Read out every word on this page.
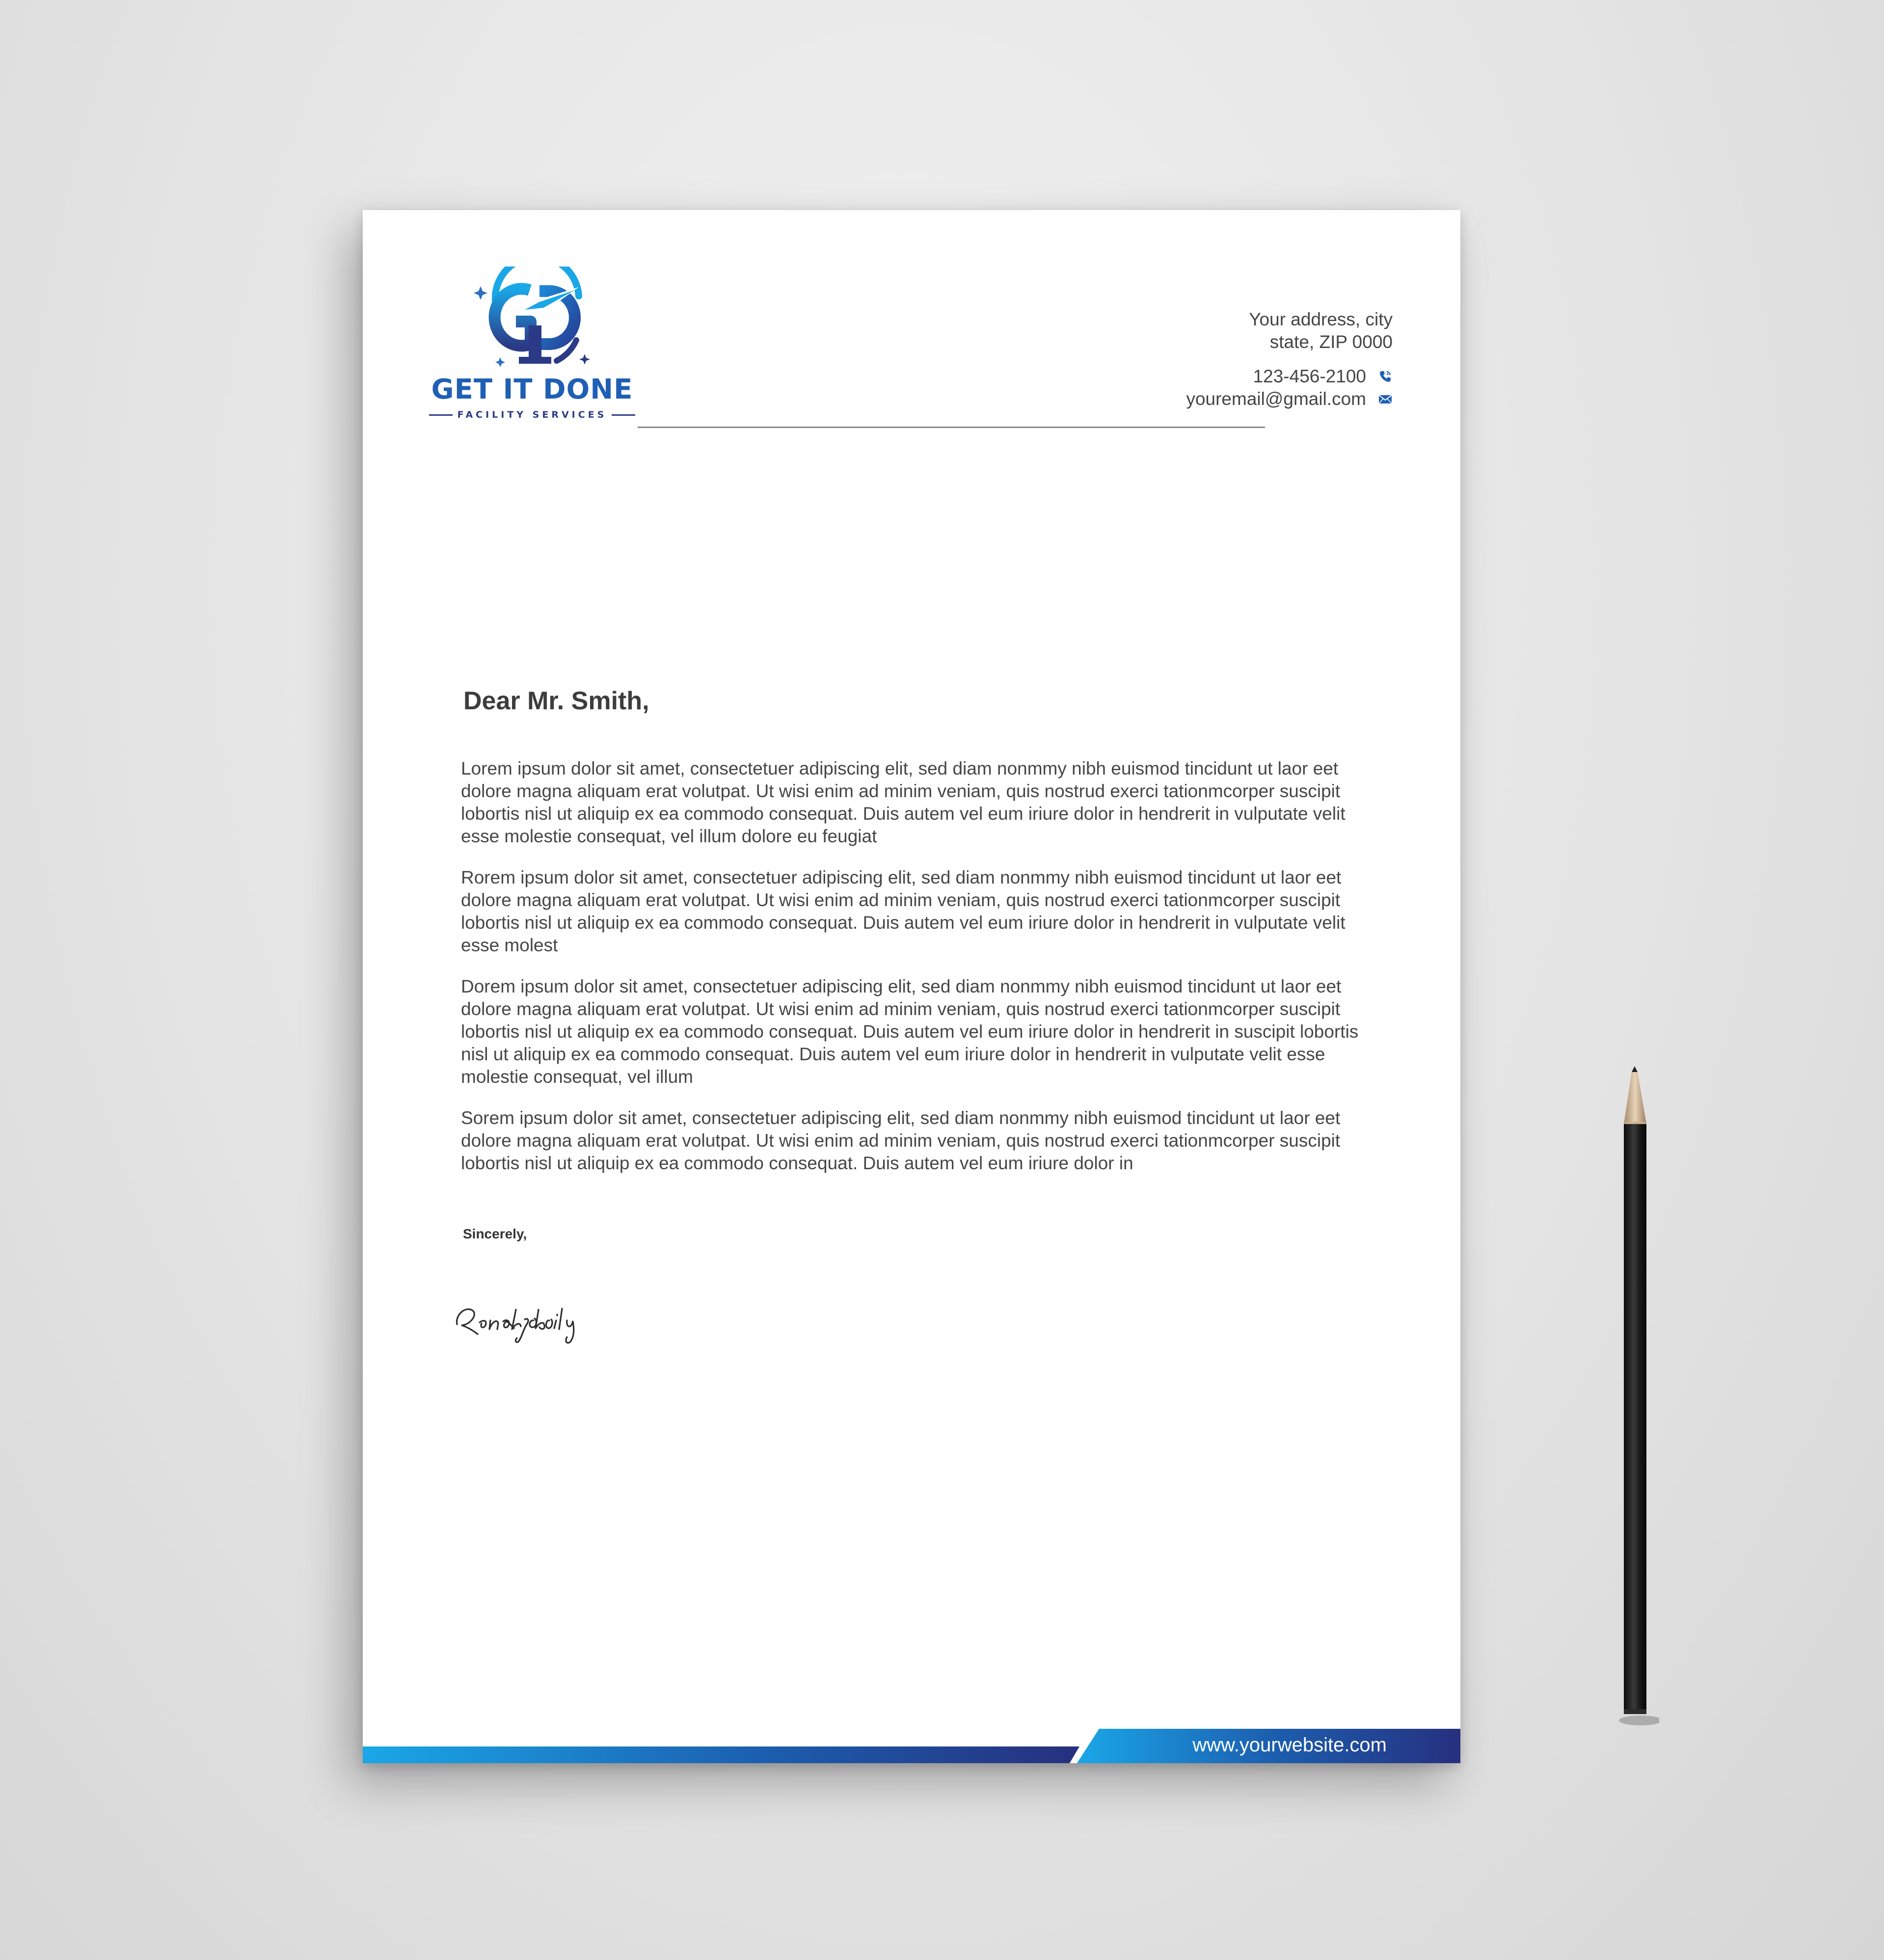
GET IT DONE
FACILITY SERVICES
Your address, city
state, ZIP 0000
123-456-2100
youremail@gmail.com
Dear Mr. Smith,

Lorem ipsum dolor sit amet, consectetuer adipiscing elit, sed diam nonmmy nibh euismod tincidunt ut laor eet dolore magna aliquam erat volutpat. Ut wisi enim ad minim veniam, quis nostrud exerci tationmcorper suscipit lobortis nisl ut aliquip ex ea commodo consequat. Duis autem vel eum iriure dolor in hendrerit in vulputate velit esse molestie consequat, vel illum dolore eu feugiat

Rorem ipsum dolor sit amet, consectetuer adipiscing elit, sed diam nonmmy nibh euismod tincidunt ut laor eet dolore magna aliquam erat volutpat. Ut wisi enim ad minim veniam, quis nostrud exerci tationmcorper suscipit lobortis nisl ut aliquip ex ea commodo consequat. Duis autem vel eum iriure dolor in hendrerit in vulputate velit esse molest

Dorem ipsum dolor sit amet, consectetuer adipiscing elit, sed diam nonmmy nibh euismod tincidunt ut laor eet dolore magna aliquam erat volutpat. Ut wisi enim ad minim veniam, quis nostrud exerci tationmcorper suscipit lobortis nisl ut aliquip ex ea commodo consequat. Duis autem vel eum iriure dolor in hendrerit in suscipit lobortis nisl ut aliquip ex ea commodo consequat. Duis autem vel eum iriure dolor in hendrerit in vulputate velit esse molestie consequat, vel illum

Sorem ipsum dolor sit amet, consectetuer adipiscing elit, sed diam nonmmy nibh euismod tincidunt ut laor eet dolore magna aliquam erat volutpat. Ut wisi enim ad minim veniam, quis nostrud exerci tationmcorper suscipit lobortis nisl ut aliquip ex ea commodo consequat. Duis autem vel eum iriure dolor in

Sincerely,
www.yourwebsite.com
